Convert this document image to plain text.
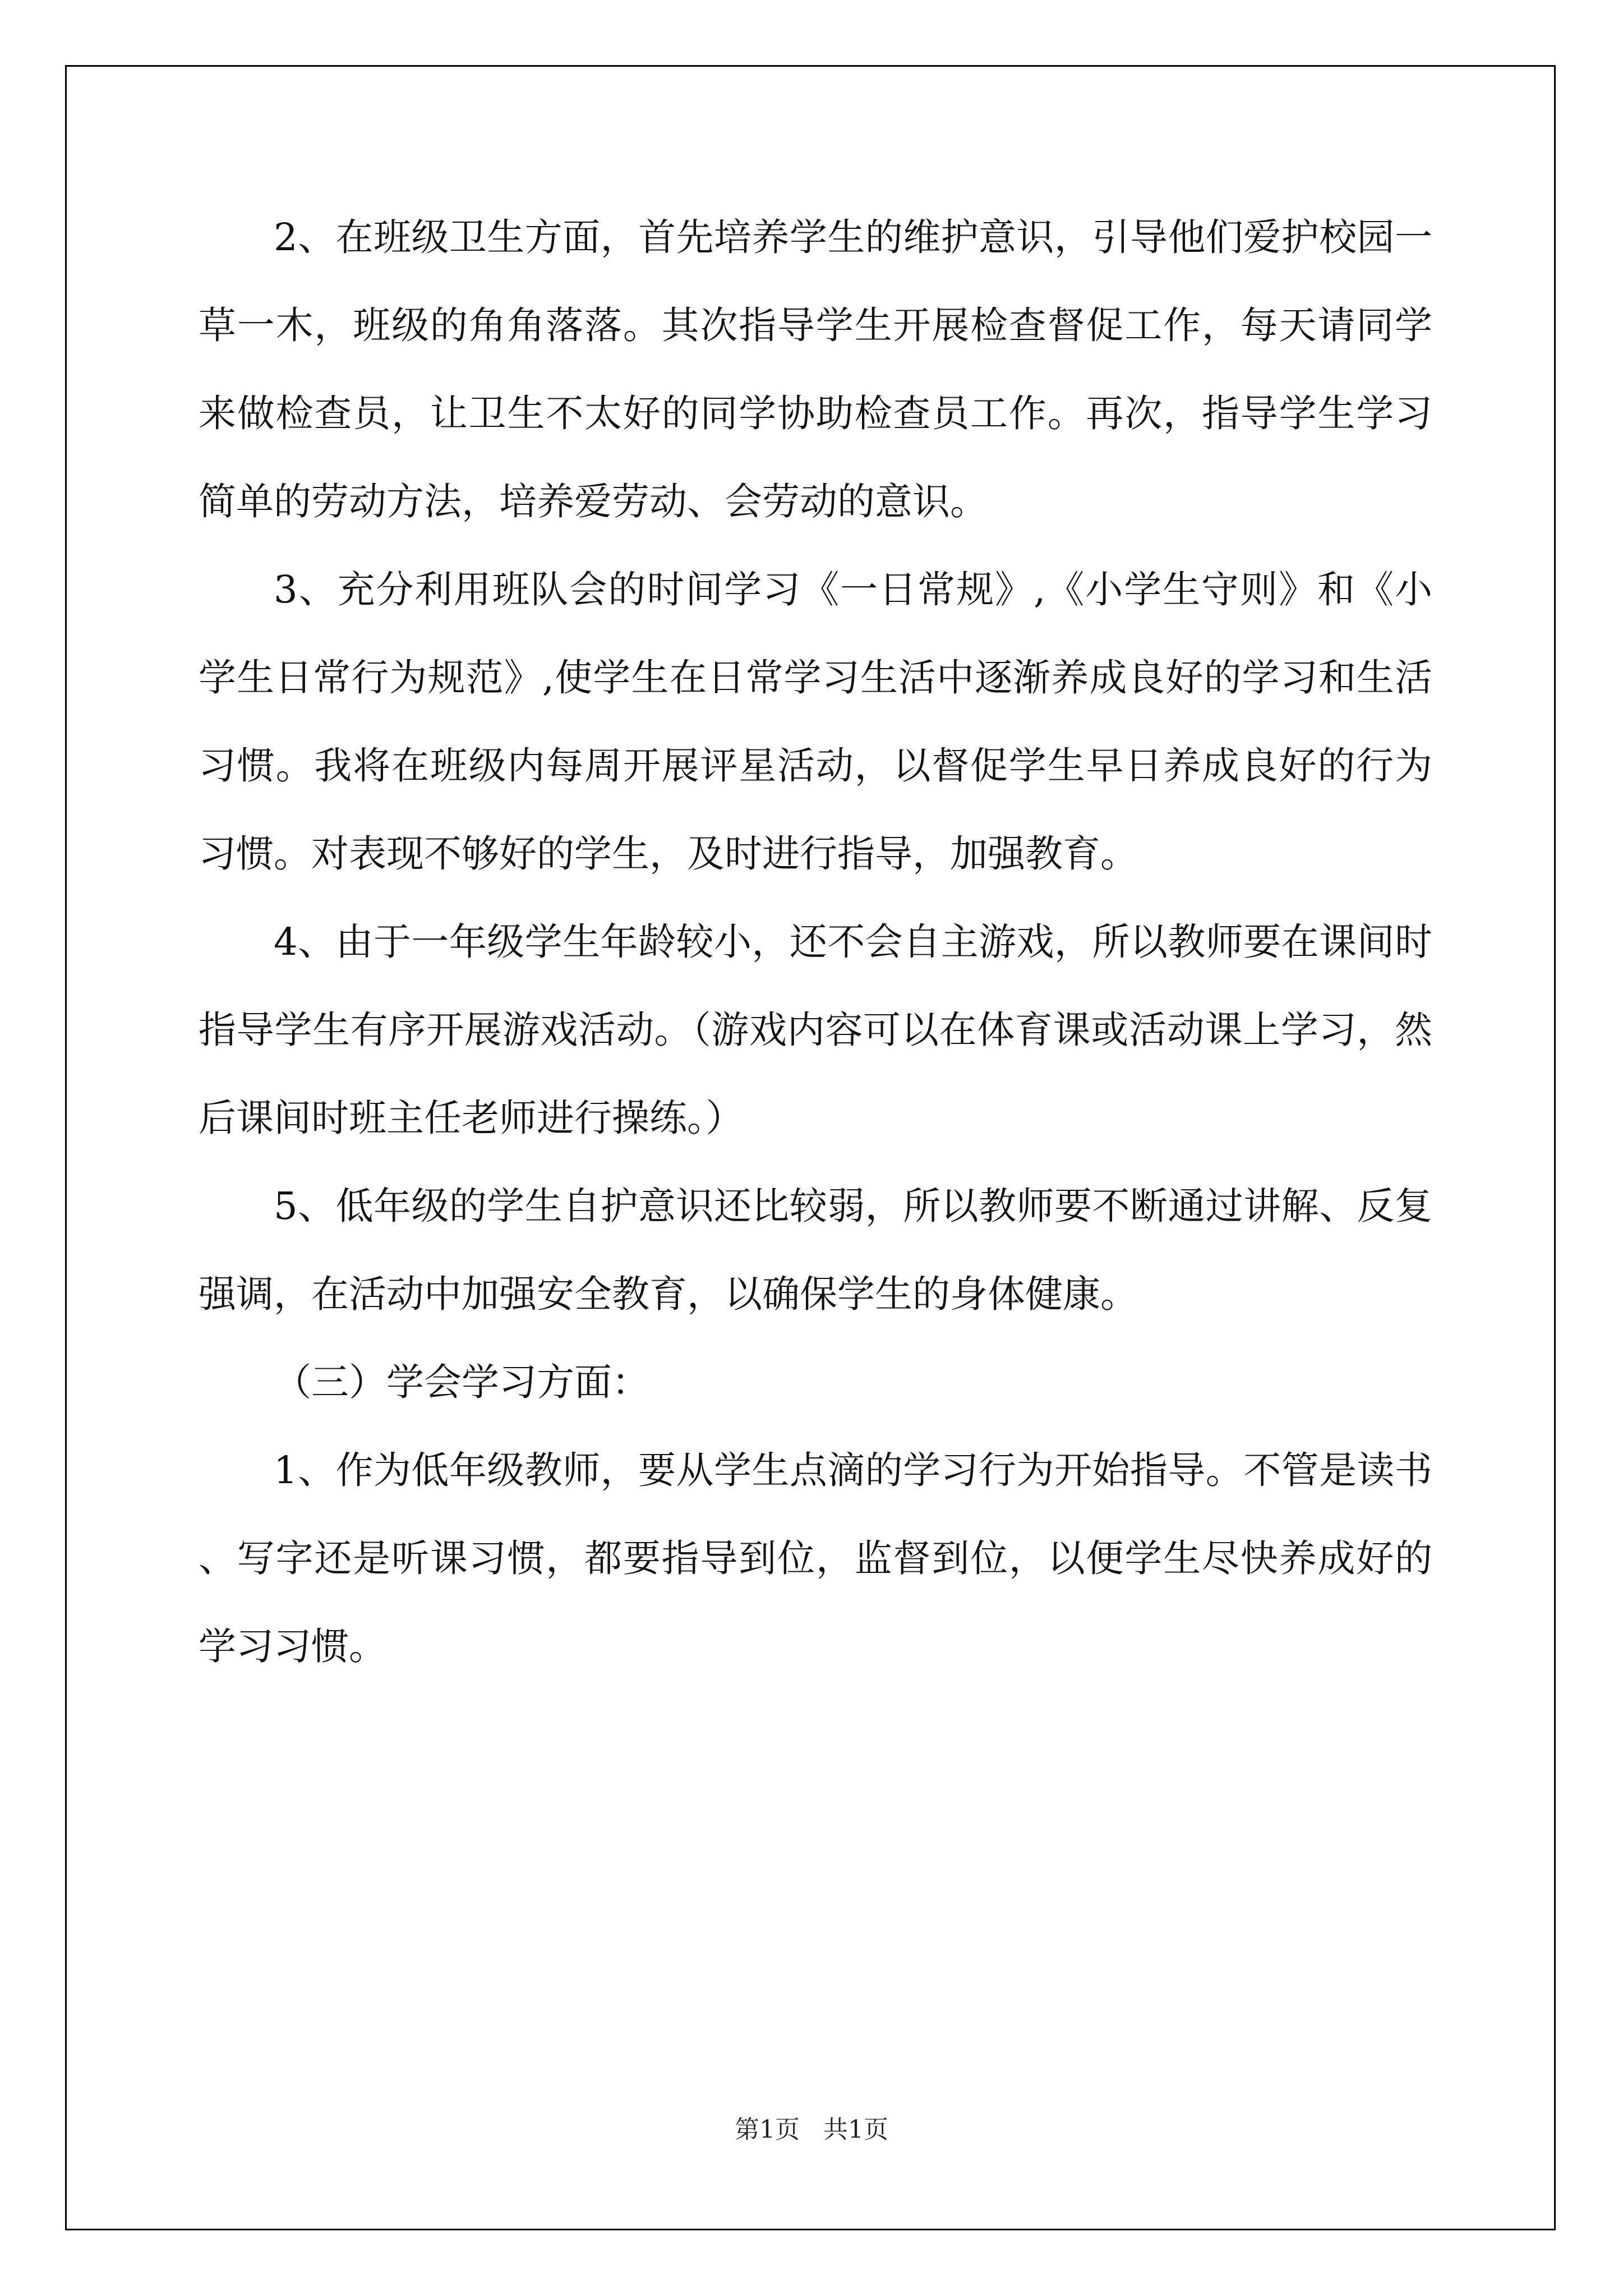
2、在班级卫生方面，首先培养学生的维护意识，引导他们爱护校园一草一木，班级的角角落落。其次指导学生开展检查督促工作，每天请同学来做检查员，让卫生不太好的同学协助检查员工作。再次，指导学生学习简单的劳动方法，培养爱劳动、会劳动的意识。

3、充分利用班队会的时间学习《一日常规》,《小学生守则》和《小学生日常行为规范》,使学生在日常学习生活中逐渐养成良好的学习和生活习惯。我将在班级内每周开展评星活动，以督促学生早日养成良好的行为习惯。对表现不够好的学生，及时进行指导，加强教育。

4、由于一年级学生年龄较小，还不会自主游戏，所以教师要在课间时指导学生有序开展游戏活动。（游戏内容可以在体育课或活动课上学习，然后课间时班主任老师进行操练。）

5、低年级的学生自护意识还比较弱，所以教师要不断通过讲解、反复强调，在活动中加强安全教育，以确保学生的身体健康。

（三）学会学习方面：

1、作为低年级教师，要从学生点滴的学习行为开始指导。不管是读书、写字还是听课习惯，都要指导到位，监督到位，以便学生尽快养成好的学习习惯。

第1页   共1页
